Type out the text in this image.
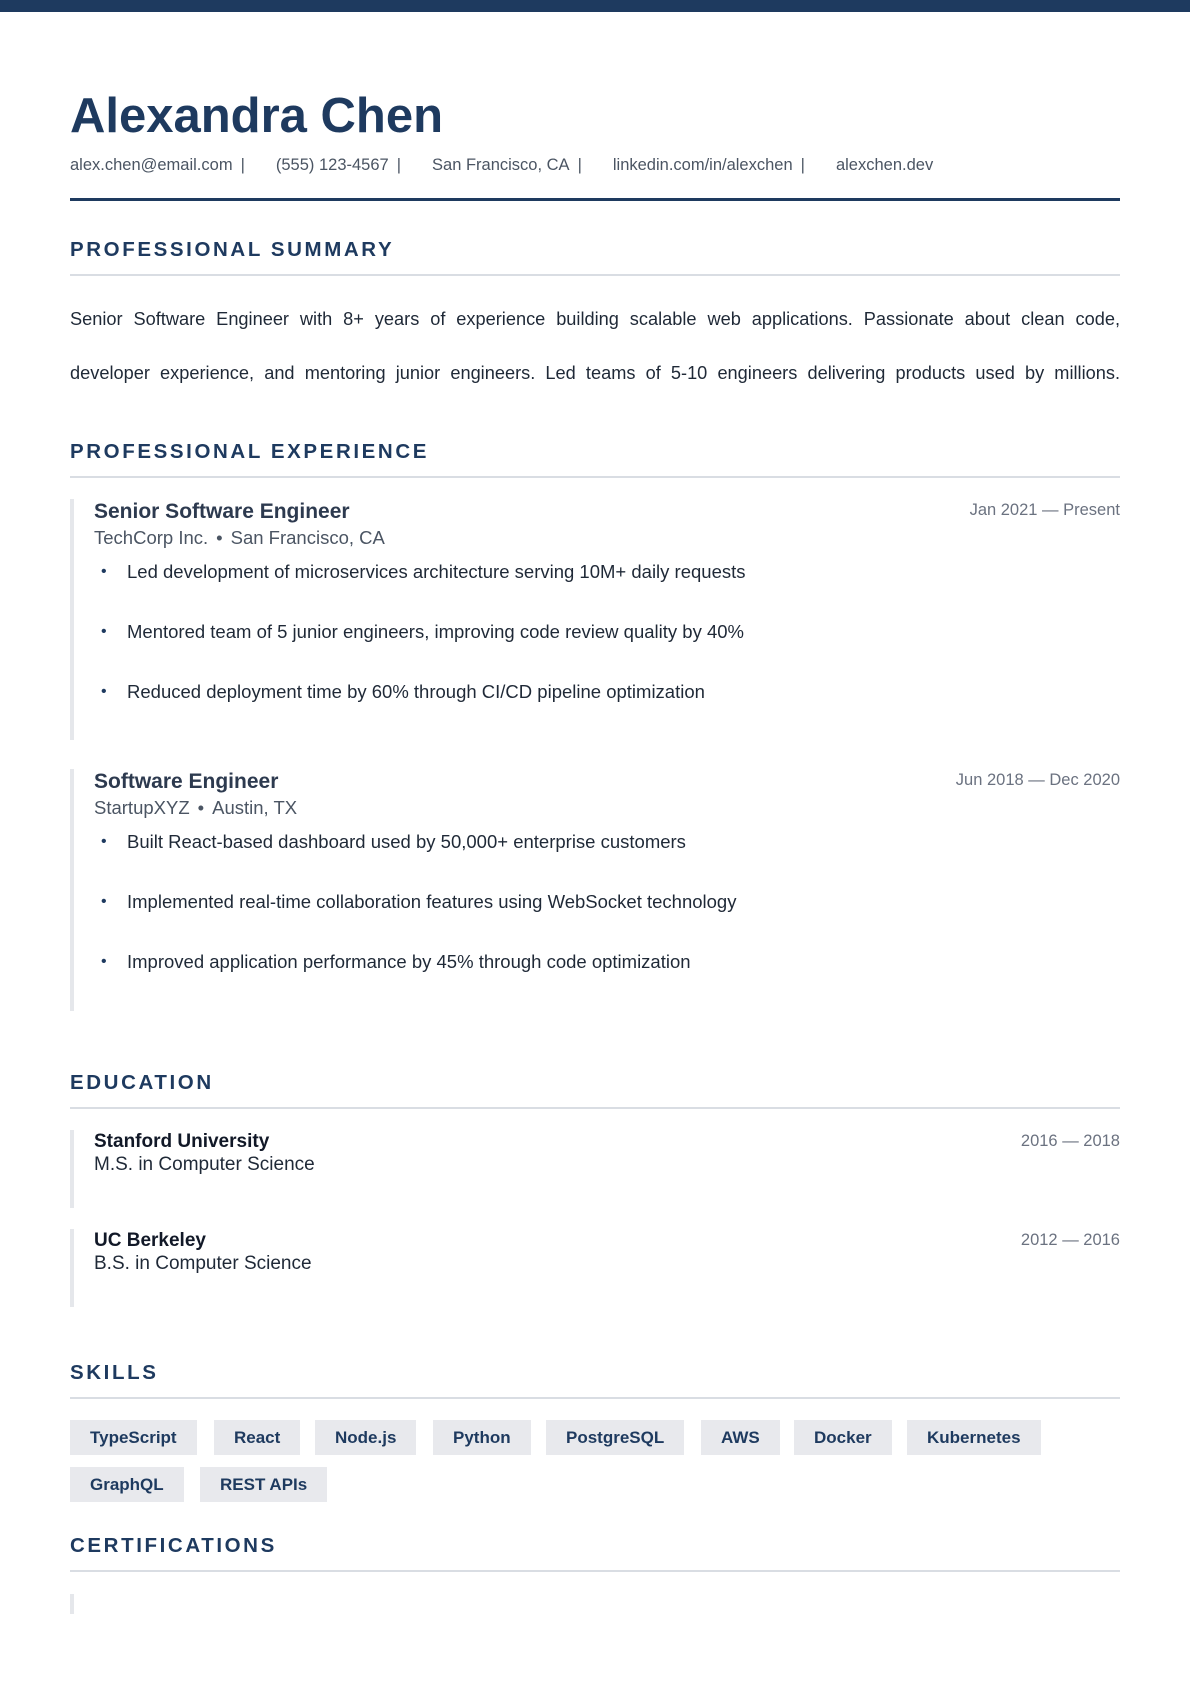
Alexandra Chen
alex.chen@email.com | (555) 123-4567 | San Francisco, CA | linkedin.com/in/alexchen | alexchen.dev
PROFESSIONAL SUMMARY

Senior Software Engineer with 8+ years of experience building scalable web applications. Passionate about clean code,
developer experience, and mentoring junior engineers. Led teams of 5-10 engineers delivering products used by millions.

PROFESSIONAL EXPERIENCE
Senior Software Engineer	Jan 2021 — Present
TechCorp Inc. • San Francisco, CA
• Led development of microservices architecture serving 10M+ daily requests
• Mentored team of 5 junior engineers, improving code review quality by 40%
• Reduced deployment time by 60% through CI/CD pipeline optimization
Software Engineer	Jun 2018 — Dec 2020
StartupXYZ • Austin, TX
• Built React-based dashboard used by 50,000+ enterprise customers
• Implemented real-time collaboration features using WebSocket technology
• Improved application performance by 45% through code optimization
EDUCATION
Stanford University	2016 — 2018
M.S. in Computer Science
UC Berkeley	2012 — 2016
B.S. in Computer Science
SKILLS
TypeScript	React	Node.js	Python	PostgreSQL	AWS	Docker	Kubernetes
GraphQL	REST APIs
CERTIFICATIONS
